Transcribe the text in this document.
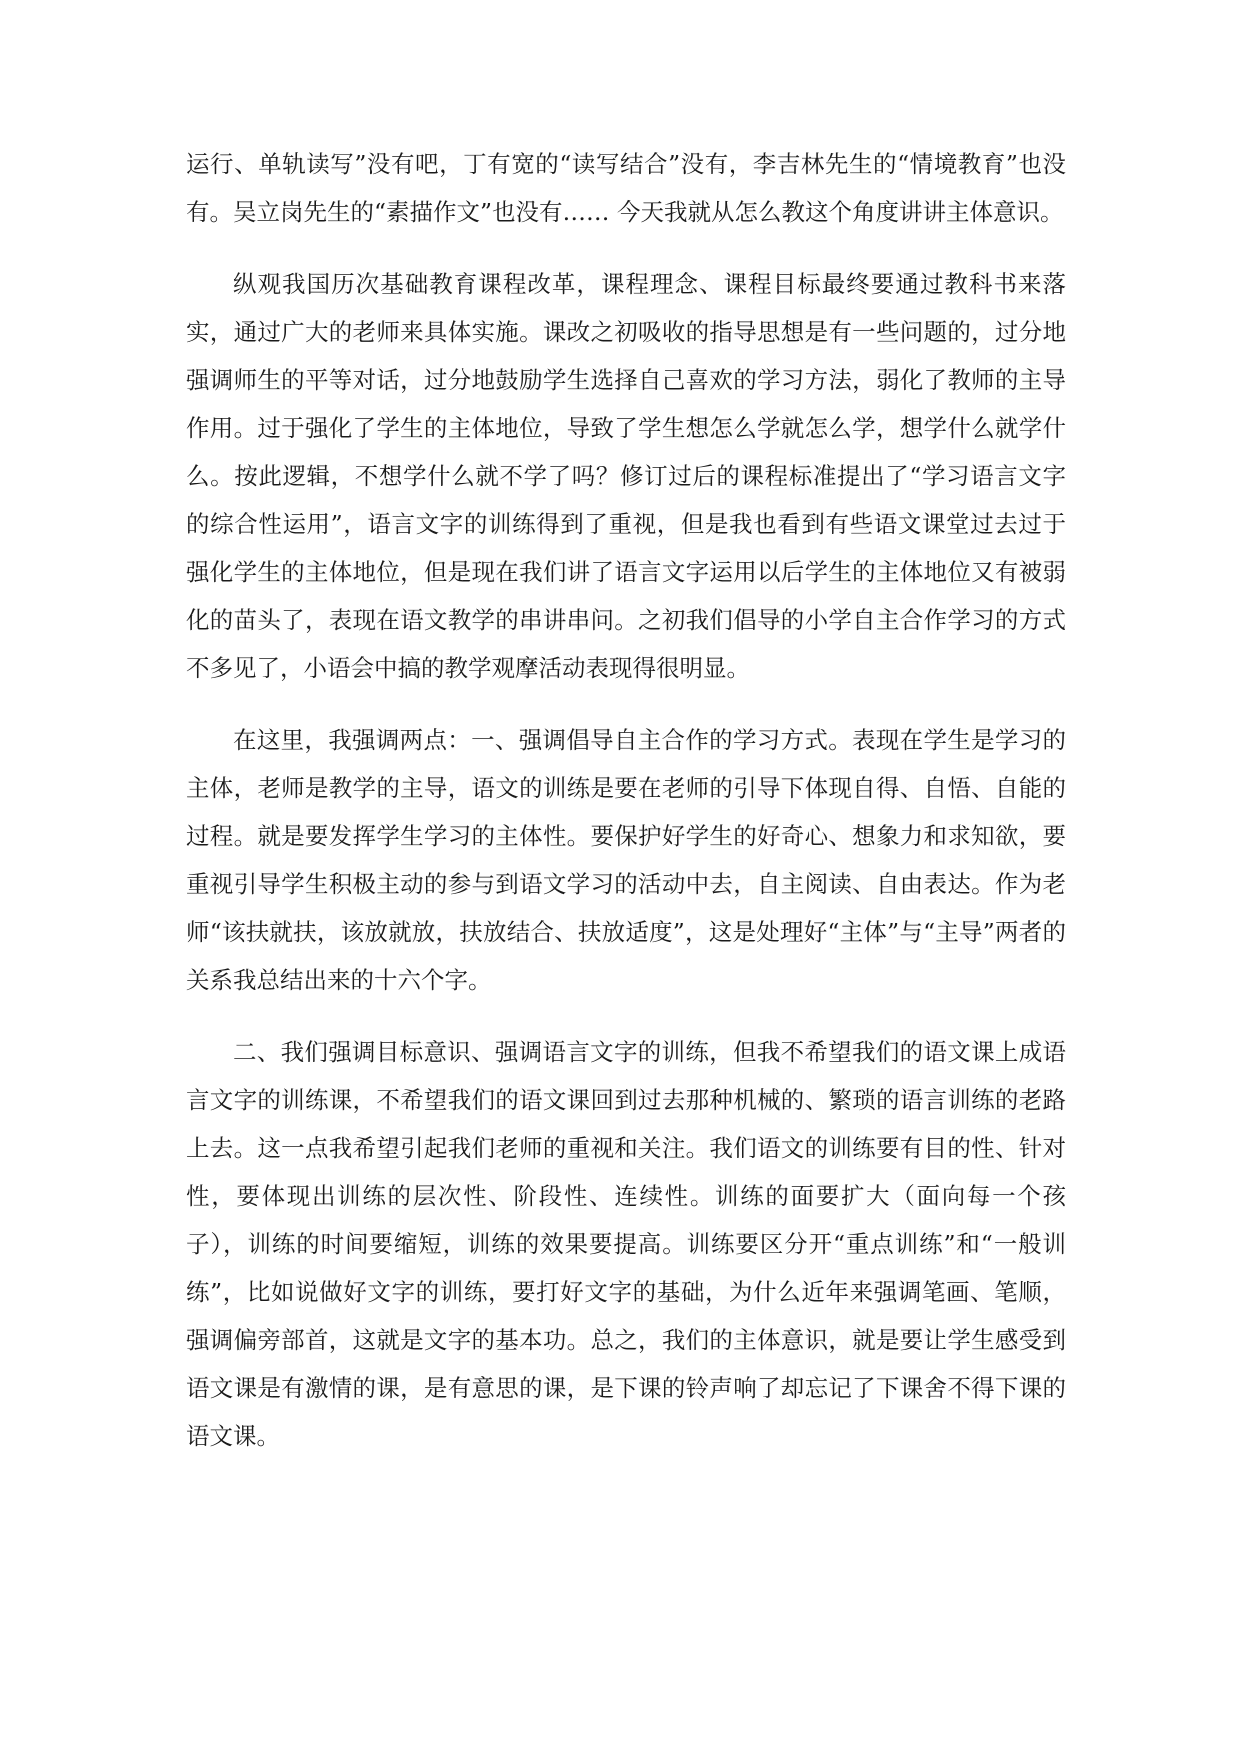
运行、单轨读写”没有吧，丁有宽的“读写结合”没有，李吉林先生的“情境教育”也没有。吴立岗先生的“素描作文”也没有…… 今天我就从怎么教这个角度讲讲主体意识。

纵观我国历次基础教育课程改革，课程理念、课程目标最终要通过教科书来落实，通过广大的老师来具体实施。课改之初吸收的指导思想是有一些问题的，过分地强调师生的平等对话，过分地鼓励学生选择自己喜欢的学习方法，弱化了教师的主导作用。过于强化了学生的主体地位，导致了学生想怎么学就怎么学，想学什么就学什么。按此逻辑，不想学什么就不学了吗？修订过后的课程标准提出了“学习语言文字的综合性运用”，语言文字的训练得到了重视，但是我也看到有些语文课堂过去过于强化学生的主体地位，但是现在我们讲了语言文字运用以后学生的主体地位又有被弱化的苗头了，表现在语文教学的串讲串问。之初我们倡导的小学自主合作学习的方式不多见了，小语会中搞的教学观摩活动表现得很明显。

在这里，我强调两点：一、强调倡导自主合作的学习方式。表现在学生是学习的主体，老师是教学的主导，语文的训练是要在老师的引导下体现自得、自悟、自能的过程。就是要发挥学生学习的主体性。要保护好学生的好奇心、想象力和求知欲，要重视引导学生积极主动的参与到语文学习的活动中去，自主阅读、自由表达。作为老师“该扶就扶，该放就放，扶放结合、扶放适度”，这是处理好“主体”与“主导”两者的关系我总结出来的十六个字。

二、我们强调目标意识、强调语言文字的训练，但我不希望我们的语文课上成语言文字的训练课，不希望我们的语文课回到过去那种机械的、繁琐的语言训练的老路上去。这一点我希望引起我们老师的重视和关注。我们语文的训练要有目的性、针对性，要体现出训练的层次性、阶段性、连续性。训练的面要扩大（面向每一个孩子），训练的时间要缩短，训练的效果要提高。训练要区分开“重点训练”和“一般训练”，比如说做好文字的训练，要打好文字的基础，为什么近年来强调笔画、笔顺，强调偏旁部首，这就是文字的基本功。总之，我们的主体意识，就是要让学生感受到语文课是有激情的课，是有意思的课，是下课的铃声响了却忘记了下课舍不得下课的语文课。
